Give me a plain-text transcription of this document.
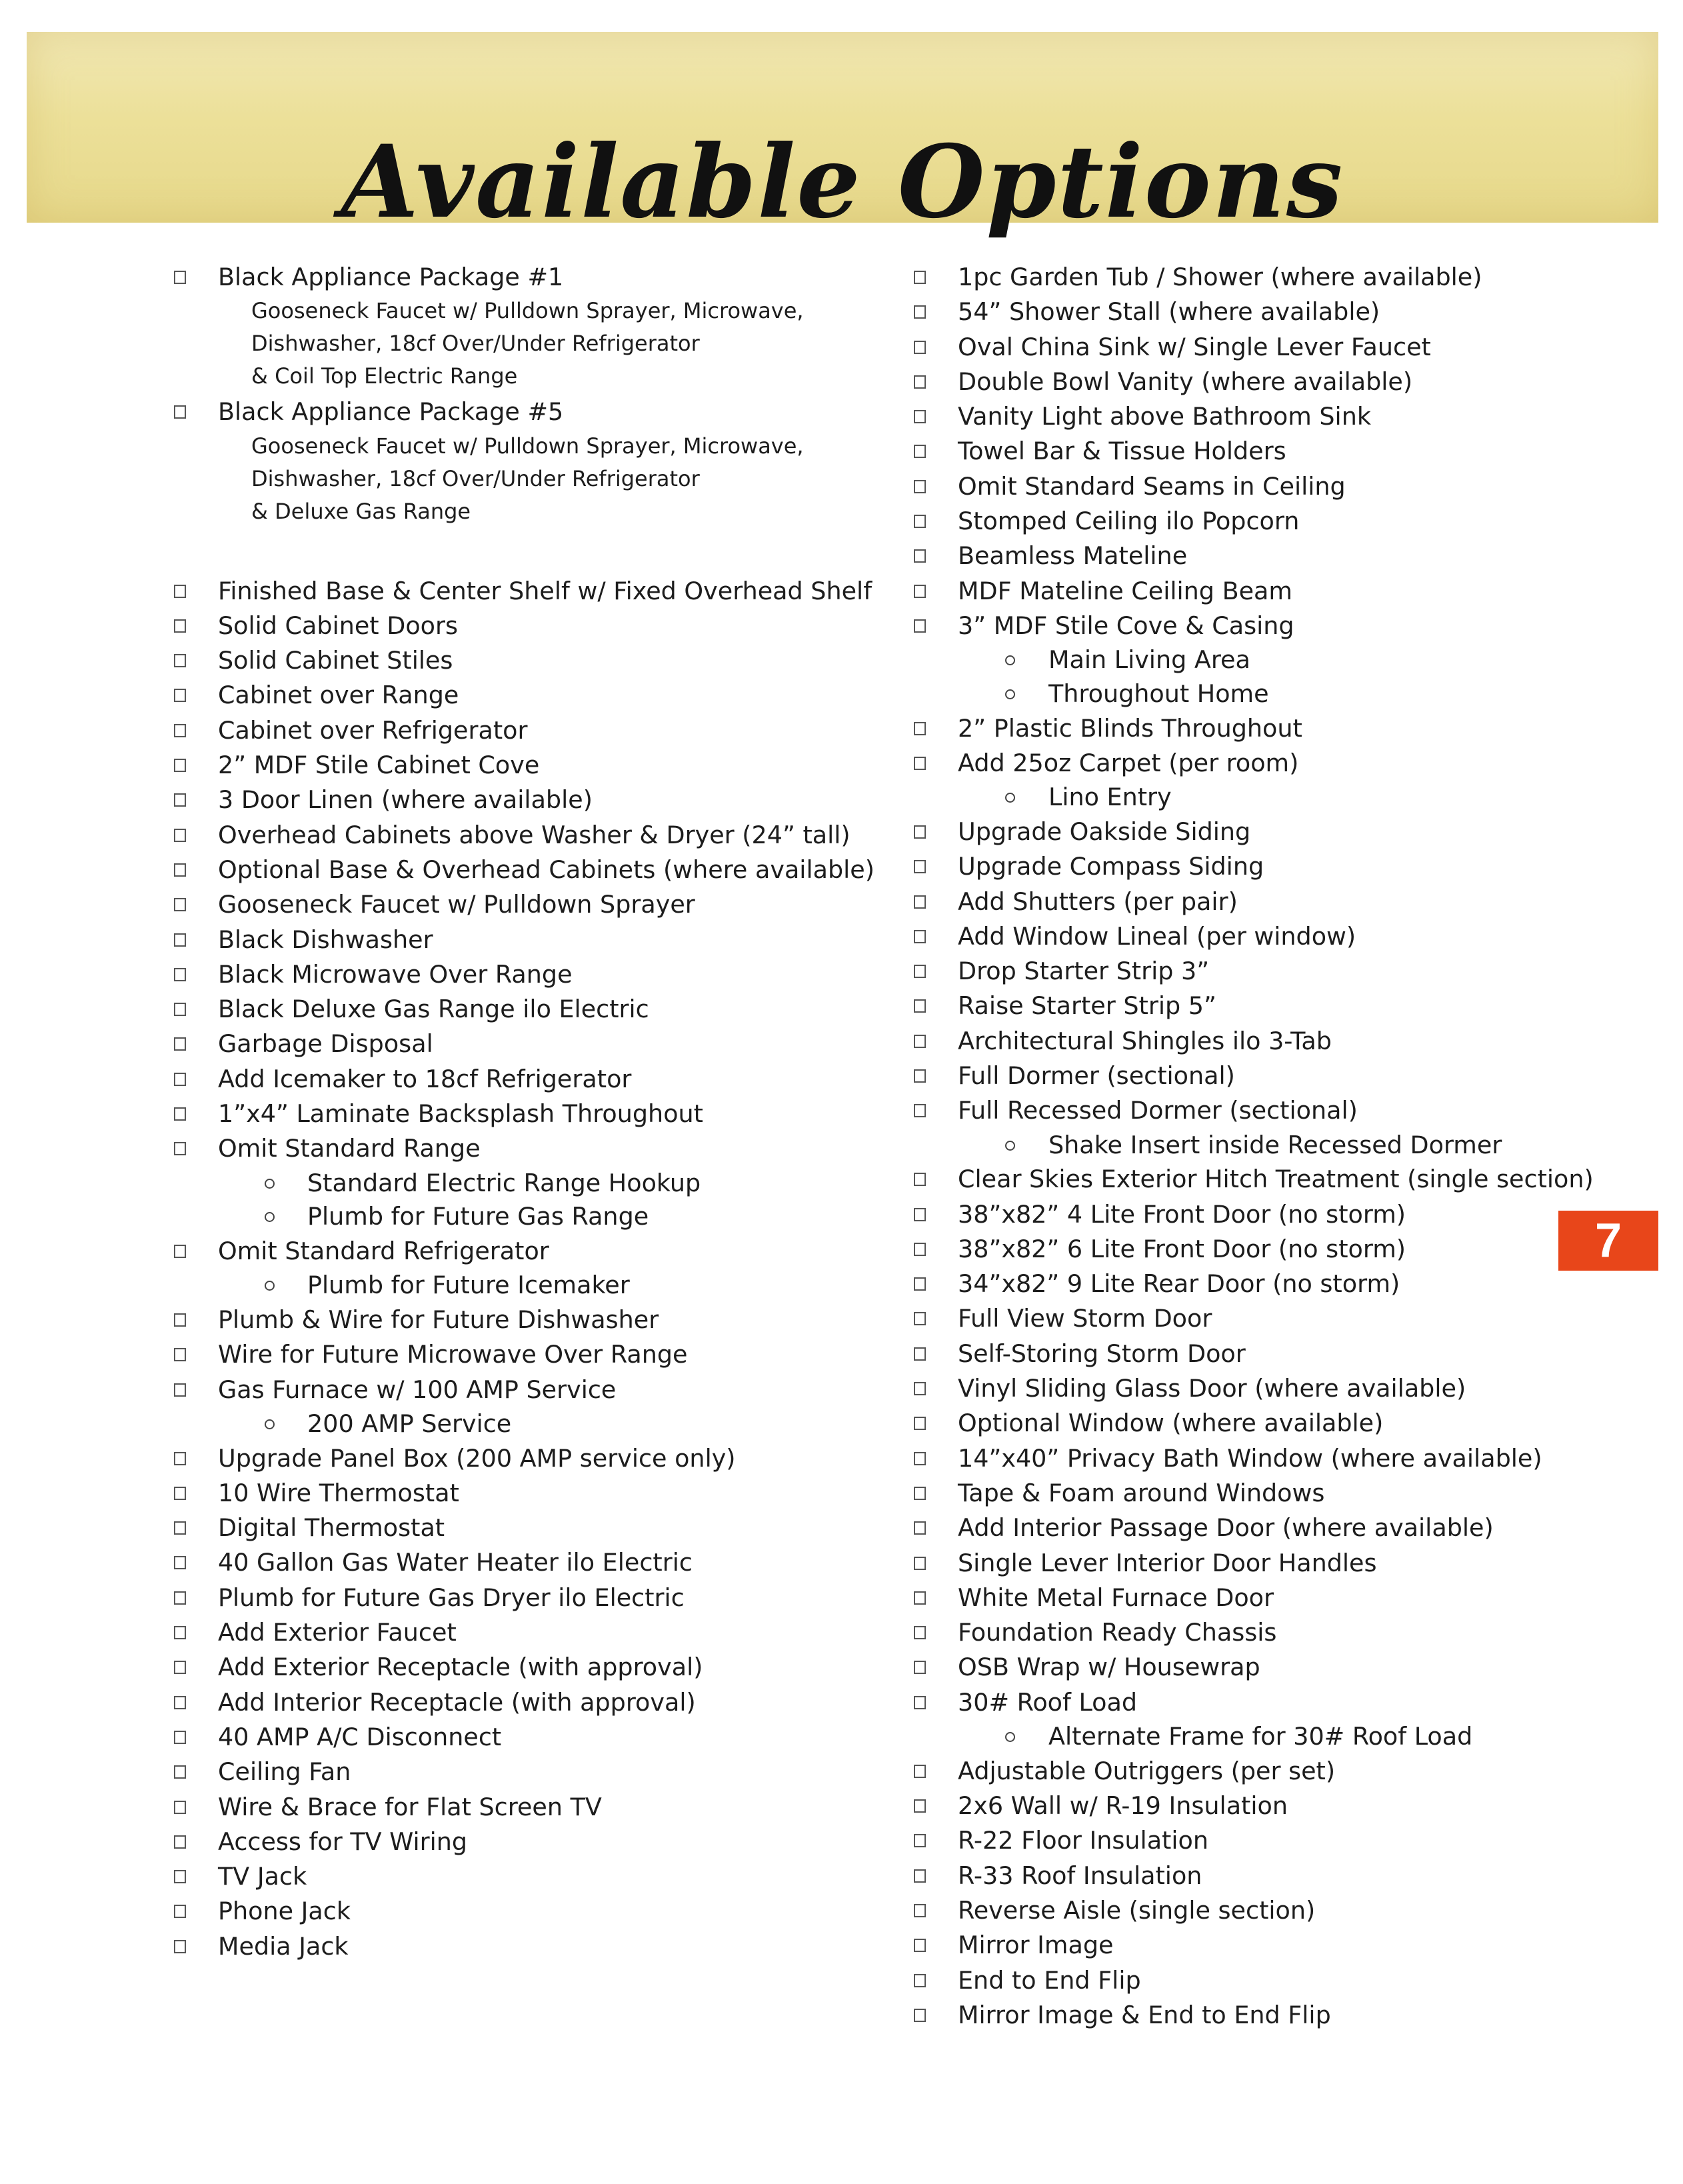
Available Options
Black Appliance Package #1
Gooseneck Faucet w/ Pulldown Sprayer, Microwave,
Dishwasher, 18cf Over/Under Refrigerator
& Coil Top Electric Range
Black Appliance Package #5
Gooseneck Faucet w/ Pulldown Sprayer, Microwave,
Dishwasher, 18cf Over/Under Refrigerator
& Deluxe Gas Range
Finished Base & Center Shelf w/ Fixed Overhead Shelf
Solid Cabinet Doors
Solid Cabinet Stiles
Cabinet over Range
Cabinet over Refrigerator
2” MDF Stile Cabinet Cove
3 Door Linen (where available)
Overhead Cabinets above Washer & Dryer (24” tall)
Optional Base & Overhead Cabinets (where available)
Gooseneck Faucet w/ Pulldown Sprayer
Black Dishwasher
Black Microwave Over Range
Black Deluxe Gas Range ilo Electric
Garbage Disposal
Add Icemaker to 18cf Refrigerator
1”x4” Laminate Backsplash Throughout
Omit Standard Range
Standard Electric Range Hookup
Plumb for Future Gas Range
Omit Standard Refrigerator
Plumb for Future Icemaker
Plumb & Wire for Future Dishwasher
Wire for Future Microwave Over Range
Gas Furnace w/ 100 AMP Service
200 AMP Service
Upgrade Panel Box (200 AMP service only)
10 Wire Thermostat
Digital Thermostat
40 Gallon Gas Water Heater ilo Electric
Plumb for Future Gas Dryer ilo Electric
Add Exterior Faucet
Add Exterior Receptacle (with approval)
Add Interior Receptacle (with approval)
40 AMP A/C Disconnect
Ceiling Fan
Wire & Brace for Flat Screen TV
Access for TV Wiring
TV Jack
Phone Jack
Media Jack
1pc Garden Tub / Shower (where available)
54” Shower Stall (where available)
Oval China Sink w/ Single Lever Faucet
Double Bowl Vanity (where available)
Vanity Light above Bathroom Sink
Towel Bar & Tissue Holders
Omit Standard Seams in Ceiling
Stomped Ceiling ilo Popcorn
Beamless Mateline
MDF Mateline Ceiling Beam
3” MDF Stile Cove & Casing
Main Living Area
Throughout Home
2” Plastic Blinds Throughout
Add 25oz Carpet (per room)
Lino Entry
Upgrade Oakside Siding
Upgrade Compass Siding
Add Shutters (per pair)
Add Window Lineal (per window)
Drop Starter Strip 3”
Raise Starter Strip 5”
Architectural Shingles ilo 3-Tab
Full Dormer (sectional)
Full Recessed Dormer (sectional)
Shake Insert inside Recessed Dormer
Clear Skies Exterior Hitch Treatment (single section)
38”x82” 4 Lite Front Door (no storm)
38”x82” 6 Lite Front Door (no storm)
34”x82” 9 Lite Rear Door (no storm)
Full View Storm Door
Self-Storing Storm Door
Vinyl Sliding Glass Door (where available)
Optional Window (where available)
14”x40” Privacy Bath Window (where available)
Tape & Foam around Windows
Add Interior Passage Door (where available)
Single Lever Interior Door Handles
White Metal Furnace Door
Foundation Ready Chassis
OSB Wrap w/ Housewrap
30# Roof Load
Alternate Frame for 30# Roof Load
Adjustable Outriggers (per set)
2x6 Wall w/ R-19 Insulation
R-22 Floor Insulation
R-33 Roof Insulation
Reverse Aisle (single section)
Mirror Image
End to End Flip
Mirror Image & End to End Flip
7
